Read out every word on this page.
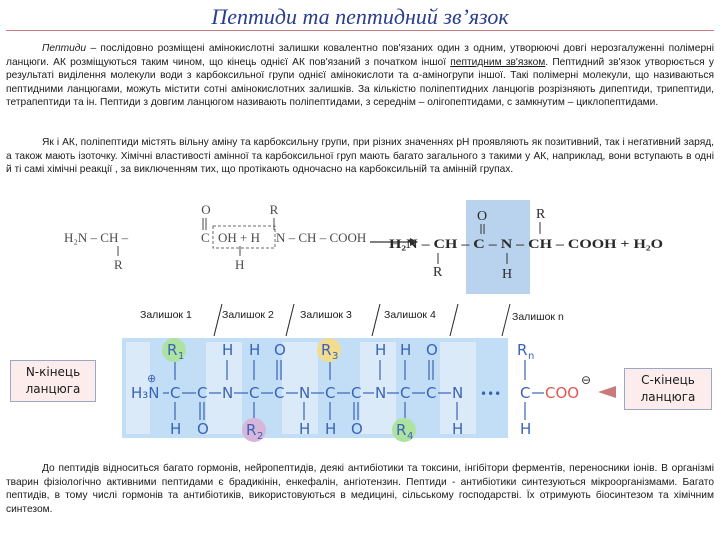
Пептиди та пептидний зв’язок

Пептиди – послідовно розміщені амінокислотні залишки ковалентно пов'язаних один з одним, утворюючі довгі нерозгалуженні полімерні ланцюги. АК розміщуються таким чином, що кінець однієї АК пов'язаний з початком іншої пептидним зв'язком. Пептидний зв'язок утворюється у результаті виділення молекули води з карбоксильної групи однієї амінокислоти та α-аміногрупи іншої. Такі полімерні молекули, що називаються пептидними ланцюгами, можуть містити сотні амінокислотних залишків. За кількістю поліпептидних ланцюгів розрізняють дипептиди, трипептиди, тетрапептиди та ін. Пептиди з довгим ланцюгом називають поліпептидами, з середнім – олігопептидами, с замкнутим – циклопептидами.

Як і АК, поліпептиди містять вільну аміну та карбоксильну групи, при різних значеннях pH проявляють як позитивний, так і негативний заряд, а також мають ізоточку. Хімічні властивості амінної та карбоксильної груп мають багато загального з такими у АК, наприклад, вони вступають в одні й ті самі хімічні реакції , за виключенням тих, що протікають одночасно на карбоксильній та амінній групах.

O	R
H₂N – CH –	C OH + H N – CH – COOH
R	H
O	R
H₂N – CH – C – N – CH – COOH + H₂O
R	H
Залишок 1	Залишок 2 Залишок 3	Залишок 4	Залишок n
H₃N
⊕
R 1
C
H
C
O
N
H
C
H
R 2
C
O
N
H
C
R 3
H
C
O
N
H
C
H
R 4
C
O
N
H
•••
R n
C
H
COO
⊖
N-кінець ланцюга
С-кінець ланцюга

До пептидів відноситься багато гормонів, нейропептидів, деякі антибіотики та токсини, інгібітори ферментів, переносники іонів. В організмі тварин фізіологічно активними пептидами є брадикінін, енкефалін, ангіотензин. Пептиди - антибіотики синтезуються мікроорганізмами. Багато пептидів, в тому числі гормонів та антибіотиків, використовуються в медицині, сільському господарстві. Їх отримують біосинтезом та хімічним синтезом.
